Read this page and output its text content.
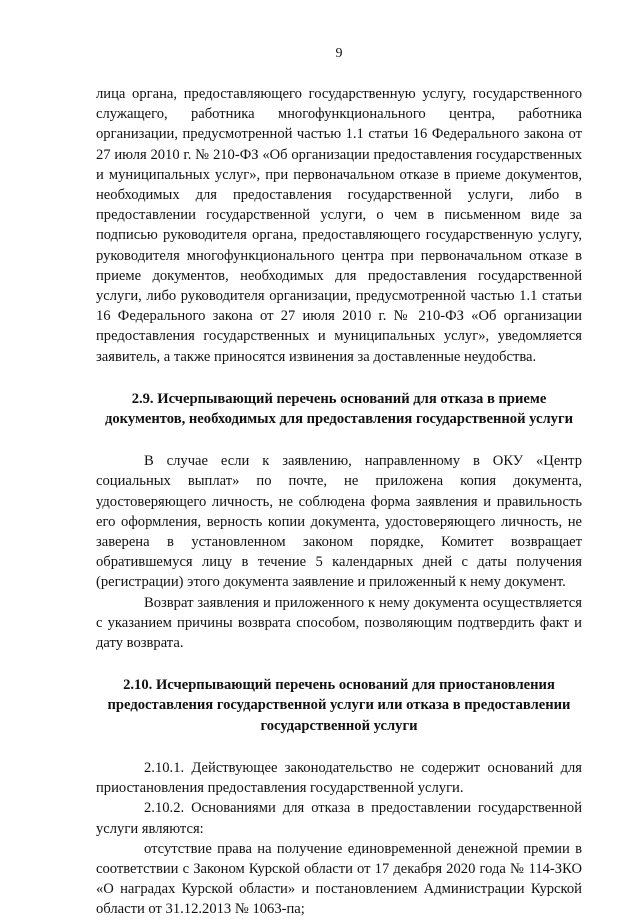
9

лица органа, предоставляющего государственную услугу, государственного служащего, работника многофункционального центра, работника организации, предусмотренной частью 1.1 статьи 16 Федерального закона от 27 июля 2010 г. № 210-ФЗ «Об организации предоставления государственных и муниципальных услуг», при первоначальном отказе в приеме документов, необходимых для предоставления государственной услуги, либо в предоставлении государственной услуги, о чем в письменном виде за подписью руководителя органа, предоставляющего государственную услугу, руководителя многофункционального центра при первоначальном отказе в приеме документов, необходимых для предоставления государственной услуги, либо руководителя организации, предусмотренной частью 1.1 статьи 16 Федерального закона от 27 июля 2010 г. № 210-ФЗ «Об организации предоставления государственных и муниципальных услуг», уведомляется заявитель, а также приносятся извинения за доставленные неудобства.

2.9. Исчерпывающий перечень оснований для отказа в приеме документов, необходимых для предоставления государственной услуги

В случае если к заявлению, направленному в ОКУ «Центр социальных выплат» по почте, не приложена копия документа, удостоверяющего личность, не соблюдена форма заявления и правильность его оформления, верность копии документа, удостоверяющего личность, не заверена в установленном законом порядке, Комитет возвращает обратившемуся лицу в течение 5 календарных дней с даты получения (регистрации) этого документа заявление и приложенный к нему документ.

Возврат заявления и приложенного к нему документа осуществляется с указанием причины возврата способом, позволяющим подтвердить факт и дату возврата.

2.10. Исчерпывающий перечень оснований для приостановления предоставления государственной услуги или отказа в предоставлении государственной услуги

2.10.1. Действующее законодательство не содержит оснований для приостановления предоставления государственной услуги.

2.10.2. Основаниями для отказа в предоставлении государственной услуги являются:

отсутствие права на получение единовременной денежной премии в соответствии с Законом Курской области от 17 декабря 2020 года № 114-ЗКО «О наградах Курской области» и постановлением Администрации Курской области от 31.12.2013 № 1063-па;
